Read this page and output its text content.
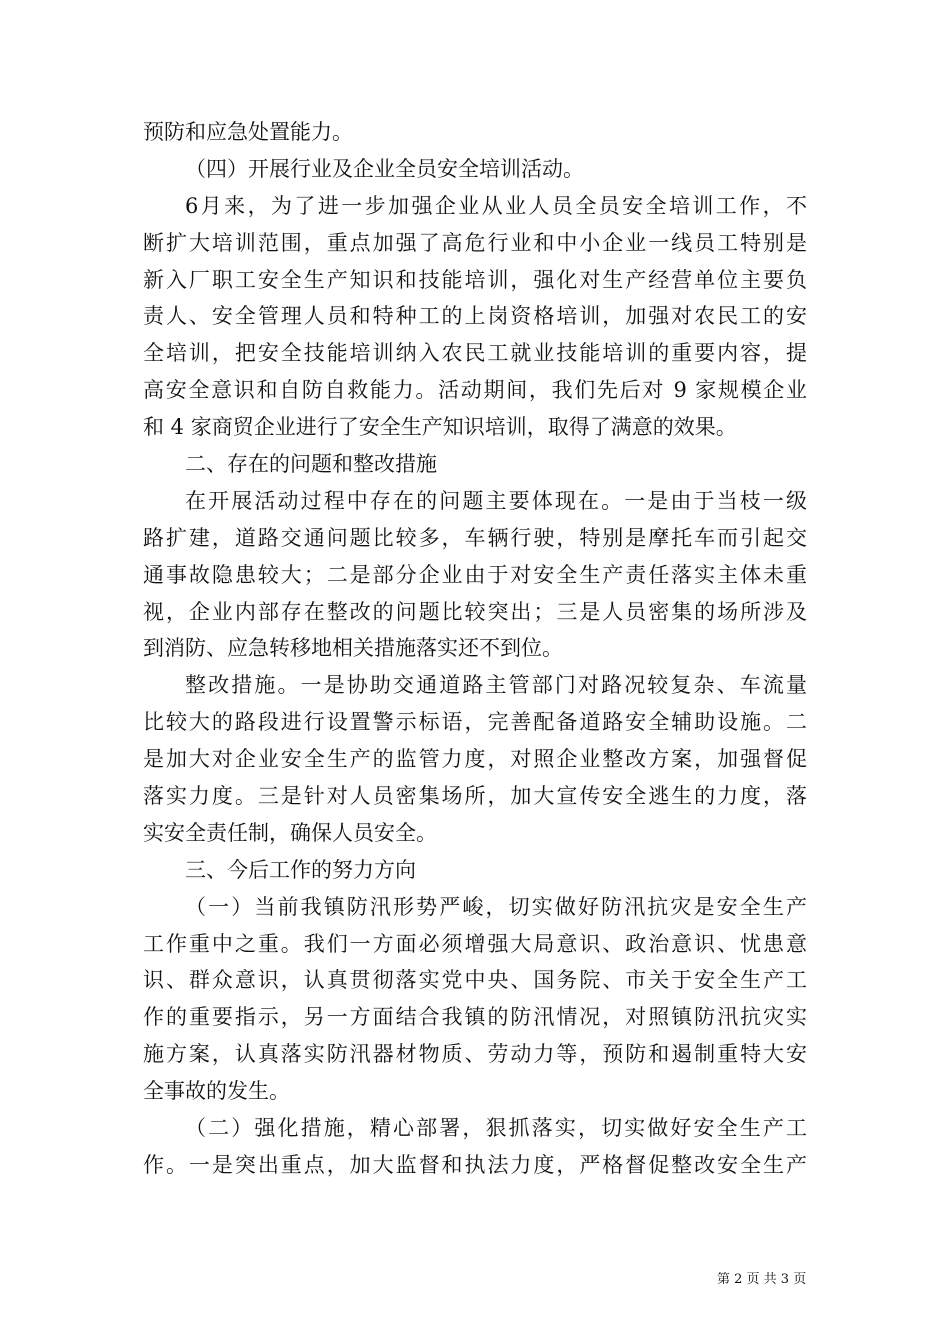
预防和应急处置能力。
（四）开展行业及企业全员安全培训活动。
6月来，为了进一步加强企业从业人员全员安全培训工作，不
断扩大培训范围，重点加强了高危行业和中小企业一线员工特别是
新入厂职工安全生产知识和技能培训，强化对生产经营单位主要负
责人、安全管理人员和特种工的上岗资格培训，加强对农民工的安
全培训，把安全技能培训纳入农民工就业技能培训的重要内容，提
高安全意识和自防自救能力。活动期间，我们先后对 9 家规模企业
和 4 家商贸企业进行了安全生产知识培训，取得了满意的效果。
二、存在的问题和整改措施
在开展活动过程中存在的问题主要体现在。一是由于当枝一级
路扩建，道路交通问题比较多，车辆行驶，特别是摩托车而引起交
通事故隐患较大；二是部分企业由于对安全生产责任落实主体未重
视，企业内部存在整改的问题比较突出；三是人员密集的场所涉及
到消防、应急转移地相关措施落实还不到位。
整改措施。一是协助交通道路主管部门对路况较复杂、车流量
比较大的路段进行设置警示标语，完善配备道路安全辅助设施。二
是加大对企业安全生产的监管力度，对照企业整改方案，加强督促
落实力度。三是针对人员密集场所，加大宣传安全逃生的力度，落
实安全责任制，确保人员安全。
三、今后工作的努力方向
（一）当前我镇防汛形势严峻，切实做好防汛抗灾是安全生产
工作重中之重。我们一方面必须增强大局意识、政治意识、忧患意
识、群众意识，认真贯彻落实党中央、国务院、市关于安全生产工
作的重要指示，另一方面结合我镇的防汛情况，对照镇防汛抗灾实
施方案，认真落实防汛器材物质、劳动力等，预防和遏制重特大安
全事故的发生。
（二）强化措施，精心部署，狠抓落实，切实做好安全生产工
作。一是突出重点，加大监督和执法力度，严格督促整改安全生产
第 2 页 共 3 页
